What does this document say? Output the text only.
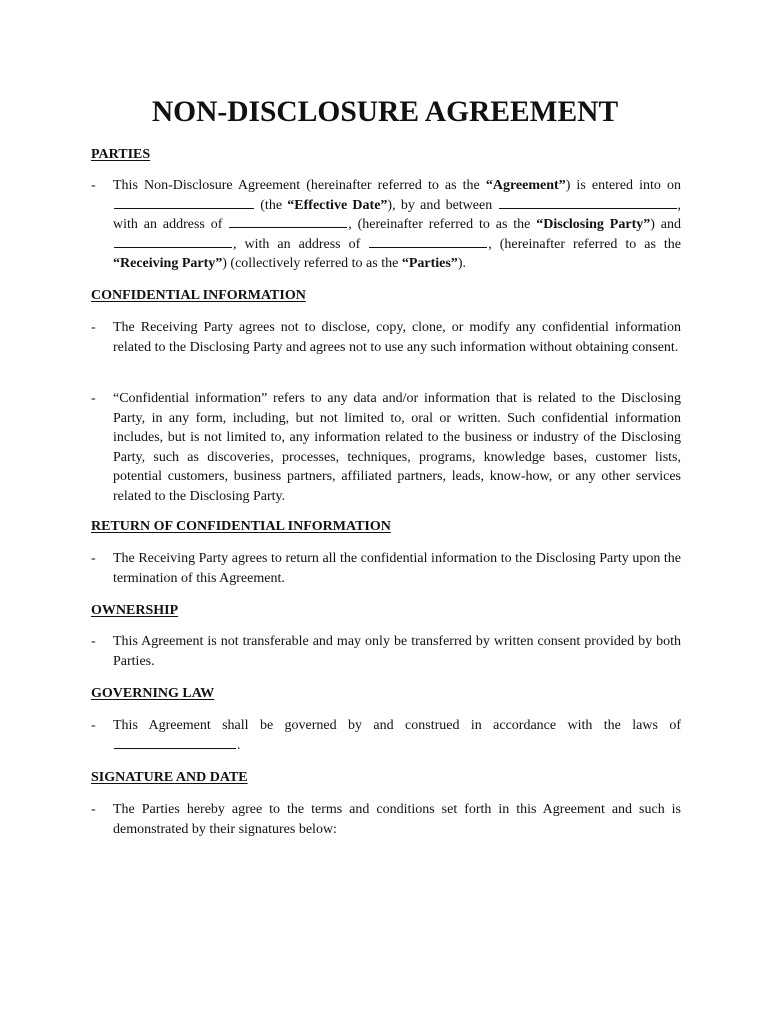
NON-DISCLOSURE AGREEMENT
PARTIES
- This Non-Disclosure Agreement (hereinafter referred to as the “Agreement”) is entered into on  (the “Effective Date”), by and between	, with an address of	, (hereinafter referred to as the “Disclosing Party”) and , with an address of	, (hereinafter referred to as the “Receiving Party”) (collectively referred to as the “Parties”).

CONFIDENTIAL INFORMATION
- The Receiving Party agrees not to disclose, copy, clone, or modify any confidential information related to the Disclosing Party and agrees not to use any such information without obtaining consent.

- “Confidential information” refers to any data and/or information that is related to the Disclosing Party, in any form, including, but not limited to, oral or written. Such confidential information includes, but is not limited to, any information related to the business or industry of the Disclosing Party, such as discoveries, processes, techniques, programs, knowledge bases, customer lists, potential customers, business partners, affiliated partners, leads, know-how, or any other services related to the Disclosing Party.

RETURN OF CONFIDENTIAL INFORMATION
- The Receiving Party agrees to return all the confidential information to the Disclosing Party upon the termination of this Agreement.

OWNERSHIP
- This Agreement is not transferable and may only be transferred by written consent provided by both Parties.

GOVERNING LAW
- This Agreement shall be governed by and construed in accordance with the laws of .

SIGNATURE AND DATE
- The Parties hereby agree to the terms and conditions set forth in this Agreement and such is demonstrated by their signatures below:
